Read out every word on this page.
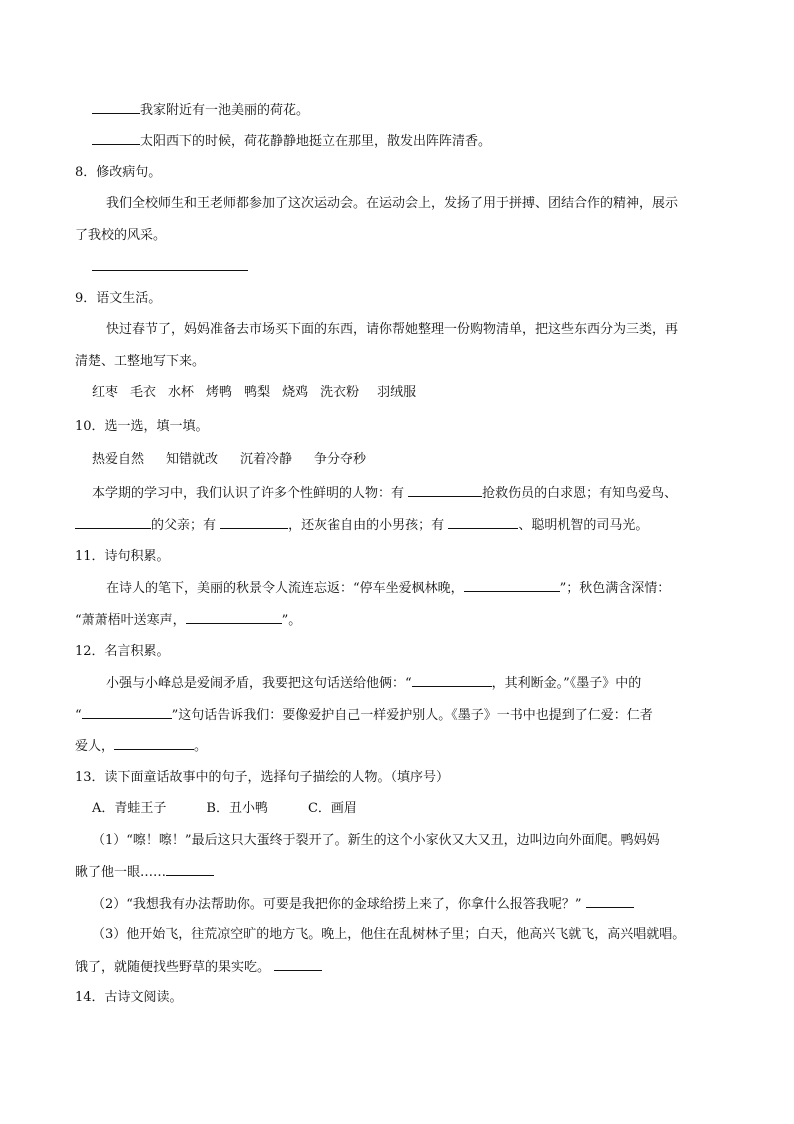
我家附近有一池美丽的荷花。
太阳西下的时候，荷花静静地挺立在那里，散发出阵阵清香。
8．修改病句。
我们全校师生和王老师都参加了这次运动会。在运动会上，发扬了用于拼搏、团结合作的精神，展示
了我校的风采。
9．语文生活。
快过春节了，妈妈准备去市场买下面的东西，请你帮她整理一份购物清单，把这些东西分为三类，再
清楚、工整地写下来。
红枣 毛衣 水杯 烤鸭 鸭梨 烧鸡 洗衣粉 羽绒服
10．选一选，填一填。
热爱自然 知错就改 沉着冷静 争分夺秒
本学期的学习中，我们认识了许多个性鲜明的人物：有	抢救伤员的白求恩；有知鸟爱鸟、
的父亲；有	，还灰雀自由的小男孩；有	、聪明机智的司马光。
11．诗句积累。
在诗人的笔下，美丽的秋景令人流连忘返：“停车坐爱枫林晚，	”；秋色满含深情：
“萧萧梧叶送寒声，	”。
12．名言积累。
小强与小峰总是爱闹矛盾，我要把这句话送给他俩：“	，其利断金。”《墨子》中的
“	”这句话告诉我们：要像爱护自己一样爱护别人。《墨子》一书中也提到了仁爱：仁者
爱人，	。
13．读下面童话故事中的句子，选择句子描绘的人物。（填序号）
A．青蛙王子	B．丑小鸭	C．画眉
（1）“嚓！嚓！”最后这只大蛋终于裂开了。新生的这个小家伙又大又丑，边叫边向外面爬。鸭妈妈
瞅了他一眼……
（2）“我想我有办法帮助你。可要是我把你的金球给捞上来了，你拿什么报答我呢？”
（3）他开始飞，往荒凉空旷的地方飞。晚上，他住在乱树林子里；白天，他高兴飞就飞，高兴唱就唱。
饿了，就随便找些野草的果实吃。
14．古诗文阅读。
